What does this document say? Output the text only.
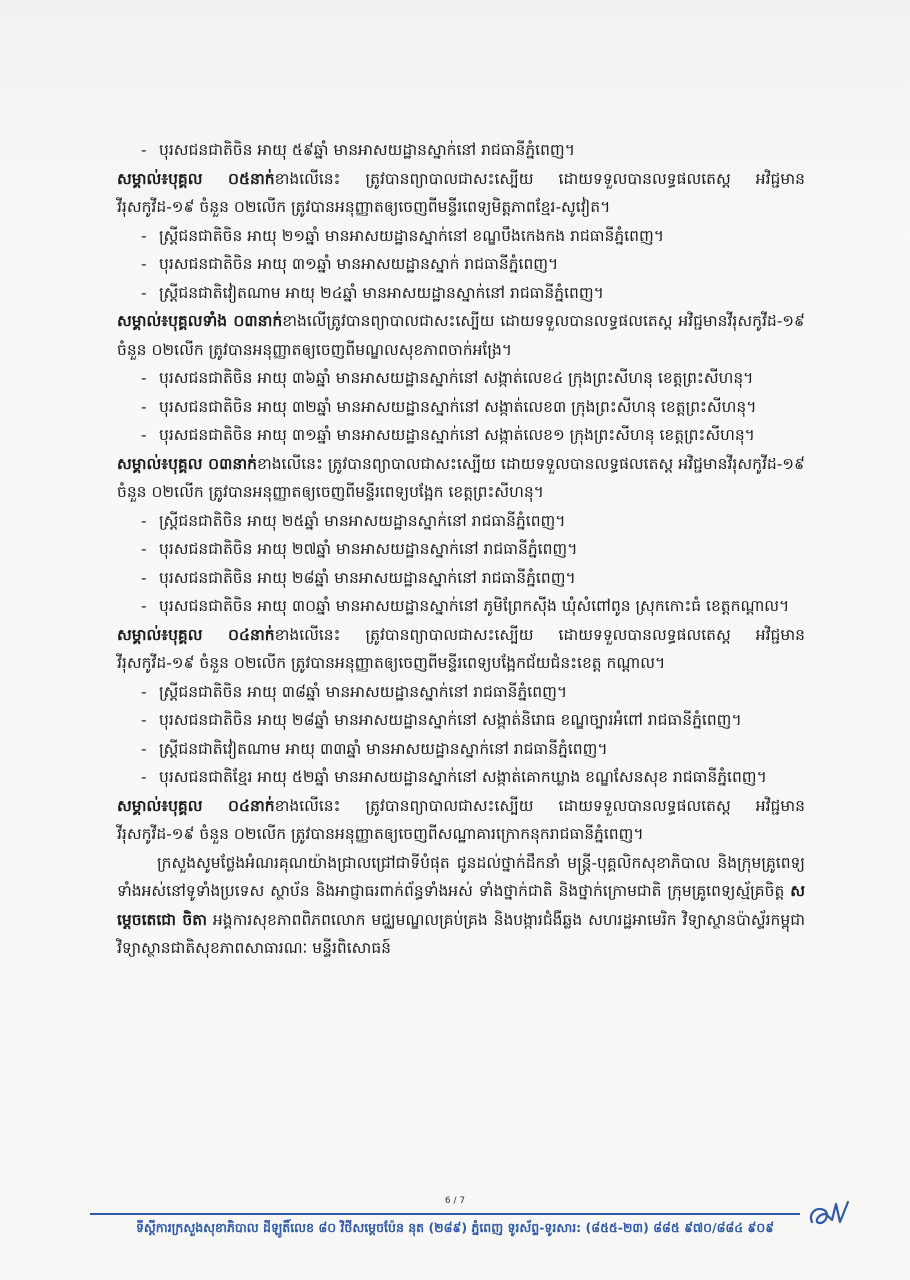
- បុរសជនជាតិចិន អាយុ ៥៩ឆ្នាំ មានអាសយដ្ឋានស្នាក់នៅ រាជធានីភ្នំពេញ។
សម្គាល់៖បុគ្គល ០៥នាក់ខាងលើនេះ ត្រូវបានព្យាបាលជាសះស្បើយ ដោយទទួលបានលទ្ធផលតេស្ត អវិជ្ជមាន វីរុសកូវីដ-១៩ ចំនួន ០២លើក ត្រូវបានអនុញ្ញាតឲ្យចេញពីមន្ទីរពេទ្យមិត្តភាពខ្មែរ-សូវៀត។
- ស្ត្រីជនជាតិចិន អាយុ ២១ឆ្នាំ មានអាសយដ្ឋានស្នាក់នៅ ខណ្ឌបឹងកេងកង រាជធានីភ្នំពេញ។
- បុរសជនជាតិចិន អាយុ ៣១ឆ្នាំ មានអាសយដ្ឋានស្នាក់ រាជធានីភ្នំពេញ។
- ស្ត្រីជនជាតិវៀតណាម អាយុ ២៤ឆ្នាំ មានអាសយដ្ឋានស្នាក់នៅ រាជធានីភ្នំពេញ។
សម្គាល់៖បុគ្គលទាំង ០៣នាក់ខាងលើត្រូវបានព្យាបាលជាសះស្បើយ ដោយទទួលបានលទ្ធផលតេស្ត អវិជ្ជមានវីរុសកូវីដ-១៩ ចំនួន ០២លើក ត្រូវបានអនុញ្ញាតឲ្យចេញពីមណ្ឌលសុខភាពចាក់អង្រែ។
- បុរសជនជាតិចិន អាយុ ៣៦ឆ្នាំ មានអាសយដ្ឋានស្នាក់នៅ សង្កាត់លេខ៤ ក្រុងព្រះសីហនុ ខេត្តព្រះសីហនុ។
- បុរសជនជាតិចិន អាយុ ៣២ឆ្នាំ មានអាសយដ្ឋានស្នាក់នៅ សង្កាត់លេខ៣ ក្រុងព្រះសីហនុ ខេត្តព្រះសីហនុ។
- បុរសជនជាតិចិន អាយុ ៣១ឆ្នាំ មានអាសយដ្ឋានស្នាក់នៅ សង្កាត់លេខ១ ក្រុងព្រះសីហនុ ខេត្តព្រះសីហនុ។
សម្គាល់៖បុគ្គល ០៣នាក់ខាងលើនេះ ត្រូវបានព្យាបាលជាសះស្បើយ ដោយទទួលបានលទ្ធផលតេស្ត អវិជ្ជមានវីរុសកូវីដ-១៩ ចំនួន ០២លើក ត្រូវបានអនុញ្ញាតឲ្យចេញពីមន្ទីរពេទ្យបង្អែក ខេត្តព្រះសីហនុ។
- ស្ត្រីជនជាតិចិន អាយុ ២៥ឆ្នាំ មានអាសយដ្ឋានស្នាក់នៅ រាជធានីភ្នំពេញ។
- បុរសជនជាតិចិន អាយុ ២៧ឆ្នាំ មានអាសយដ្ឋានស្នាក់នៅ រាជធានីភ្នំពេញ។
- បុរសជនជាតិចិន អាយុ ២៨ឆ្នាំ មានអាសយដ្ឋានស្នាក់នៅ រាជធានីភ្នំពេញ។
- បុរសជនជាតិចិន អាយុ ៣០ឆ្នាំ មានអាសយដ្ឋានស្នាក់នៅ ភូមិព្រែកស៊ីង ឃុំសំពៅពូន ស្រុកកោះធំ ខេត្តកណ្តាល។
សម្គាល់៖បុគ្គល ០៤នាក់ខាងលើនេះ ត្រូវបានព្យាបាលជាសះស្បើយ ដោយទទួលបានលទ្ធផលតេស្ត អវិជ្ជមាន វីរុសកូវីដ-១៩ ចំនួន ០២លើក ត្រូវបានអនុញ្ញាតឲ្យចេញពីមន្ទីរពេទ្យបង្អែកជ័យជំនះខេត្ត កណ្តាល។
- ស្ត្រីជនជាតិចិន អាយុ ៣៨ឆ្នាំ មានអាសយដ្ឋានស្នាក់នៅ រាជធានីភ្នំពេញ។
- បុរសជនជាតិចិន អាយុ ២៨ឆ្នាំ មានអាសយដ្ឋានស្នាក់នៅ សង្កាត់និរោធ ខណ្ឌច្បារអំពៅ រាជធានីភ្នំពេញ។
- ស្ត្រីជនជាតិវៀតណាម អាយុ ៣៣ឆ្នាំ មានអាសយដ្ឋានស្នាក់នៅ រាជធានីភ្នំពេញ។
- បុរសជនជាតិខ្មែរ អាយុ ៥២ឆ្នាំ មានអាសយដ្ឋានស្នាក់នៅ សង្កាត់គោកឃ្លាង ខណ្ឌសែនសុខ រាជធានីភ្នំពេញ។
សម្គាល់៖បុគ្គល ០៤នាក់ខាងលើនេះ ត្រូវបានព្យាបាលជាសះស្បើយ ដោយទទួលបានលទ្ធផលតេស្ត អវិជ្ជមាន វីរុសកូវីដ-១៩ ចំនួន ០២លើក ត្រូវបានអនុញ្ញាតឲ្យចេញពីសណ្ឋាគារក្រោកនុករាជធានីភ្នំពេញ។
ក្រសួងសូមថ្លែងអំណរគុណយ៉ាងជ្រាលជ្រៅជាទីបំផុត ជូនដល់ថ្នាក់ដឹកនាំ មន្ត្រី-បុគ្គលិកសុខាភិបាល និងក្រុមគ្រូពេទ្យទាំងអស់នៅទូទាំងប្រទេស ស្ថាប័ន និងអាជ្ញាធរពាក់ព័ន្ធទាំងអស់ ទាំងថ្នាក់ជាតិ និងថ្នាក់ក្រោមជាតិ ក្រុមគ្រូពេទ្យស្ម័គ្រចិត្ត សម្តេចតេជោ ចិតា អង្គការសុខភាពពិភពលោក មជ្ឈមណ្ឌលគ្រប់គ្រង និងបង្ការជំងឺឆ្លង សហរដ្ឋអាមេរិក វិទ្យាស្ថានប៉ាស្ទ័រកម្ពុជា វិទ្យាស្ថានជាតិសុខភាពសាធារណៈ មន្ទីរពិសោធន៍
6 / 7
ទីស្តីការក្រសួងសុខាភិបាល ដីឡូតិ៍លេខ ៨០ វិថីសម្តេចប៉ែន នុត (២៨៩) ភ្នំពេញ ទូរស័ព្ទ-ទូរសារ: (៨៥៥-២៣) ៨៨៥ ៩៧០/៨៨៤ ៩០៩
